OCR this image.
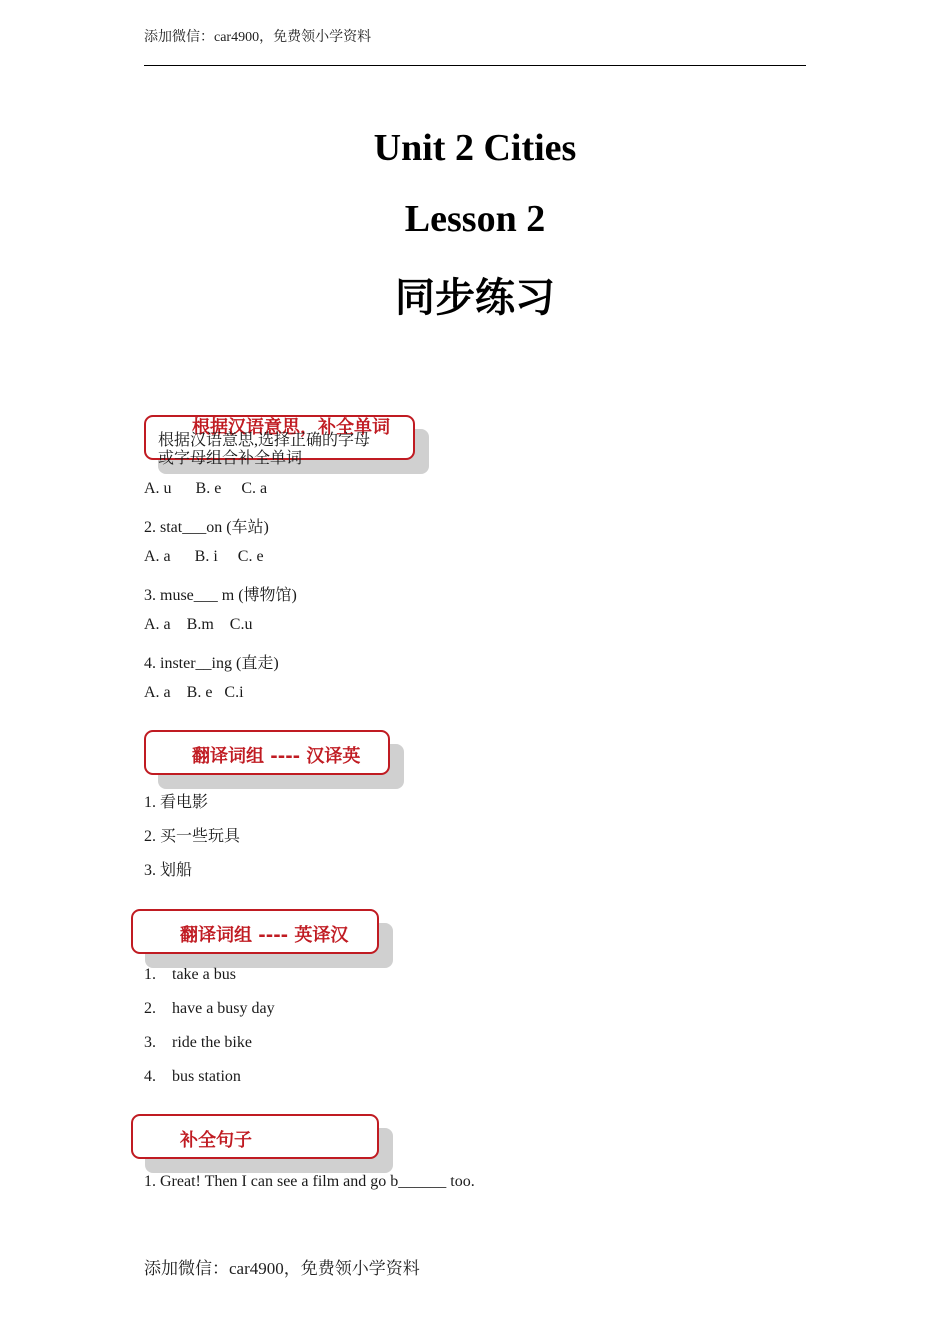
添加微信：car4900，免费领小学资料
Unit 2 Cities
Lesson 2
同步练习
根据汉语意思，补全单词
根据汉语意思,选择正确的字母
或字母组合补全单词
A. u      B. e     C. a
2. stat___on (车站)
A. a      B. i     C. e
3. muse___ m (博物馆)
A. a    B.m    C.u
4. inster__ing (直走)
A. a    B. e   C.i
翻译词组 ---- 汉译英
1. 看电影
2. 买一些玩具
3. 划船
翻译词组 ---- 英译汉
1. take a bus
2. have a busy day
3. ride the bike
4. bus station
补全句子
1. Great! Then I can see a film and go b______ too.
添加微信：car4900，免费领小学资料
